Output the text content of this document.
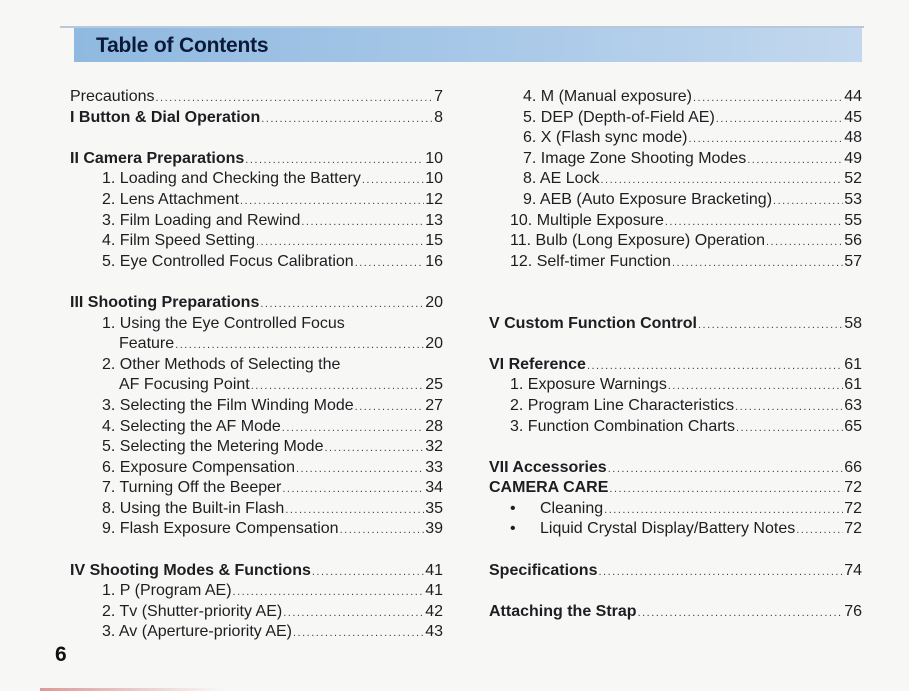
Table of Contents
Precautions .....	7
I Button & Dial Operation .....	8
II Camera Preparations .....	10
1. Loading and Checking the Battery .....	10
2. Lens Attachment .....	12
3. Film Loading and Rewind .....	13
4. Film Speed Setting .....	15
5. Eye Controlled Focus Calibration .....	16
III Shooting Preparations .....	20
1. Using the Eye Controlled Focus
Feature .....	20
2. Other Methods of Selecting the
AF Focusing Point .....	25
3. Selecting the Film Winding Mode .....	27
4. Selecting the AF Mode .....	28
5. Selecting the Metering Mode .....	32
6. Exposure Compensation .....	33
7. Turning Off the Beeper .....	34
8. Using the Built-in Flash .....	35
9. Flash Exposure Compensation .....	39
IV Shooting Modes & Functions .....	41
1. P (Program AE) .....	41
2. Tv (Shutter-priority AE) .....	42
3. Av (Aperture-priority AE) .....	43
4. M (Manual exposure) .....	44
5. DEP (Depth-of-Field AE) .....	45
6. X (Flash sync mode) .....	48
7. Image Zone Shooting Modes .....	49
8. AE Lock .....	52
9. AEB (Auto Exposure Bracketing) .....	53
10. Multiple Exposure .....	55
11. Bulb (Long Exposure) Operation .....	56
12. Self-timer Function .....	57
V Custom Function Control .....	58
VI Reference .....	61
1. Exposure Warnings .....	61
2. Program Line Characteristics .....	63
3. Function Combination Charts .....	65
VII Accessories .....	66
CAMERA CARE .....	72
• Cleaning .....	72
• Liquid Crystal Display/Battery Notes .....	72
Specifications .....	74
Attaching the Strap .....	76
6
